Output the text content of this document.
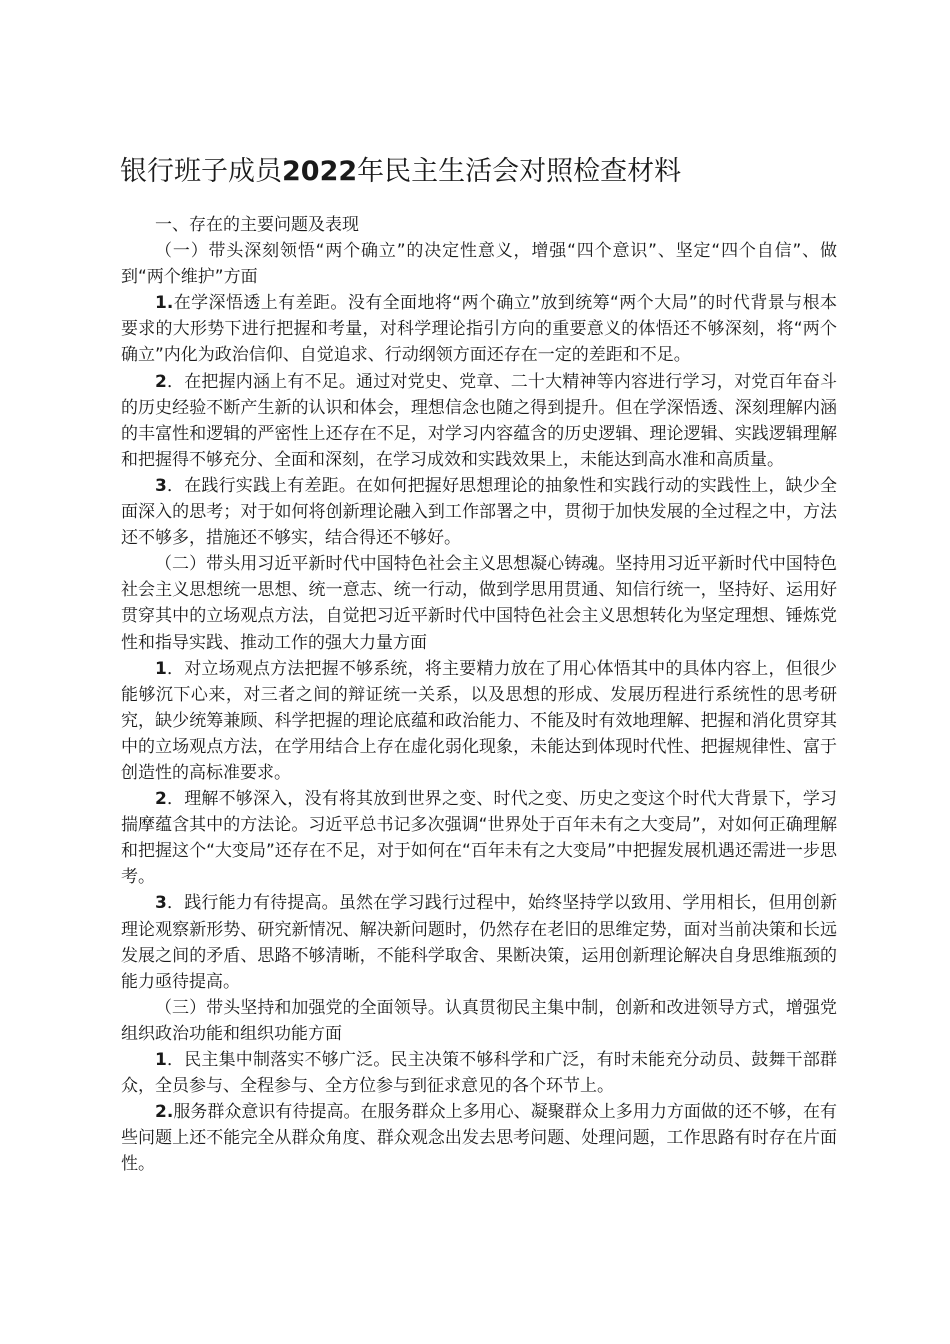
银行班子成员2022年民主生活会对照检查材料

一、存在的主要问题及表现

（一）带头深刻领悟“两个确立”的决定性意义，增强“四个意识”、坚定“四个自信”、做到“两个维护”方面

1.在学深悟透上有差距。没有全面地将“两个确立”放到统筹“两个大局”的时代背景与根本要求的大形势下进行把握和考量，对科学理论指引方向的重要意义的体悟还不够深刻，将“两个确立”内化为政治信仰、自觉追求、行动纲领方面还存在一定的差距和不足。

2．在把握内涵上有不足。通过对党史、党章、二十大精神等内容进行学习，对党百年奋斗的历史经验不断产生新的认识和体会，理想信念也随之得到提升。但在学深悟透、深刻理解内涵的丰富性和逻辑的严密性上还存在不足，对学习内容蕴含的历史逻辑、理论逻辑、实践逻辑理解和把握得不够充分、全面和深刻，在学习成效和实践效果上，未能达到高水准和高质量。

3．在践行实践上有差距。在如何把握好思想理论的抽象性和实践行动的实践性上，缺少全面深入的思考；对于如何将创新理论融入到工作部署之中，贯彻于加快发展的全过程之中，方法还不够多，措施还不够实，结合得还不够好。

（二）带头用习近平新时代中国特色社会主义思想凝心铸魂。坚持用习近平新时代中国特色社会主义思想统一思想、统一意志、统一行动，做到学思用贯通、知信行统一，坚持好、运用好贯穿其中的立场观点方法，自觉把习近平新时代中国特色社会主义思想转化为坚定理想、锤炼党性和指导实践、推动工作的强大力量方面

1．对立场观点方法把握不够系统，将主要精力放在了用心体悟其中的具体内容上，但很少能够沉下心来，对三者之间的辩证统一关系，以及思想的形成、发展历程进行系统性的思考研究，缺少统筹兼顾、科学把握的理论底蕴和政治能力、不能及时有效地理解、把握和消化贯穿其中的立场观点方法，在学用结合上存在虚化弱化现象，未能达到体现时代性、把握规律性、富于创造性的高标准要求。

2．理解不够深入，没有将其放到世界之变、时代之变、历史之变这个时代大背景下，学习揣摩蕴含其中的方法论。习近平总书记多次强调“世界处于百年未有之大变局”，对如何正确理解和把握这个“大变局”还存在不足，对于如何在“百年未有之大变局”中把握发展机遇还需进一步思考。

3．践行能力有待提高。虽然在学习践行过程中，始终坚持学以致用、学用相长，但用创新理论观察新形势、研究新情况、解决新问题时，仍然存在老旧的思维定势，面对当前决策和长远发展之间的矛盾、思路不够清晰，不能科学取舍、果断决策，运用创新理论解决自身思维瓶颈的能力亟待提高。

（三）带头坚持和加强党的全面领导。认真贯彻民主集中制，创新和改进领导方式，增强党组织政治功能和组织功能方面

1．民主集中制落实不够广泛。民主决策不够科学和广泛，有时未能充分动员、鼓舞干部群众，全员参与、全程参与、全方位参与到征求意见的各个环节上。

2.服务群众意识有待提高。在服务群众上多用心、凝聚群众上多用力方面做的还不够，在有些问题上还不能完全从群众角度、群众观念出发去思考问题、处理问题，工作思路有时存在片面性。
